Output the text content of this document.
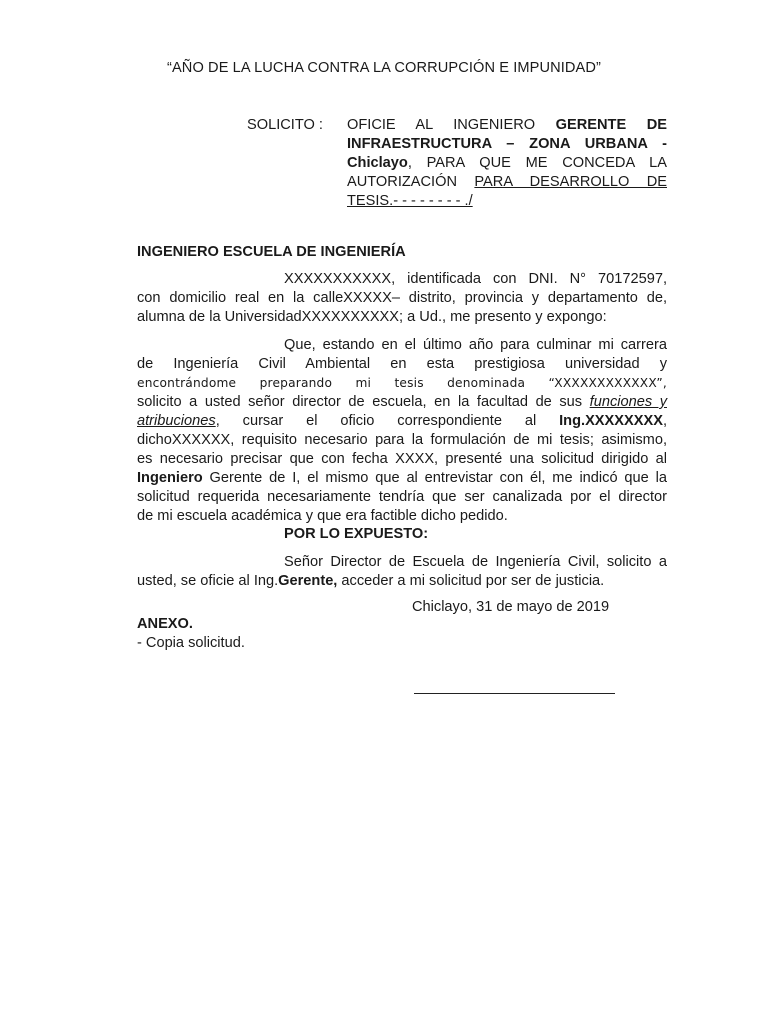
“AÑO DE LA LUCHA CONTRA LA CORRUPCIÓN E IMPUNIDAD”
SOLICITO : OFICIE AL INGENIERO GERENTE DE
INFRAESTRUCTURA – ZONA URBANA -
Chiclayo, PARA QUE ME CONCEDA LA
AUTORIZACIÓN PARA DESARROLLO DE
TESIS.- - - - - - - - ./
INGENIERO ESCUELA DE INGENIERÍA
XXXXXXXXXXX, identificada con DNI. N° 70172597,
con domicilio real en la calleXXXXX– distrito, provincia y departamento de,
alumna de la UniversidadXXXXXXXXXX; a Ud., me presento y expongo:
Que, estando en el último año para culminar mi carrera
de Ingeniería Civil Ambiental en esta prestigiosa universidad y
encontrándome preparando mi tesis denominada “XXXXXXXXXXXX”,
solicito a usted señor director de escuela, en la facultad de sus funciones y
atribuciones, cursar el oficio correspondiente al Ing.XXXXXXXX,
dichoXXXXXX, requisito necesario para la formulación de mi tesis; asimismo,
es necesario precisar que con fecha XXXX, presenté una solicitud dirigido al
Ingeniero Gerente de I, el mismo que al entrevistar con él, me indicó que la
solicitud requerida necesariamente tendría que ser canalizada por el director
de mi escuela académica y que era factible dicho pedido.
POR LO EXPUESTO:
Señor Director de Escuela de Ingeniería Civil, solicito a
usted, se oficie al Ing.Gerente, acceder a mi solicitud por ser de justicia.
Chiclayo, 31 de mayo de 2019
ANEXO.
- Copia solicitud.
